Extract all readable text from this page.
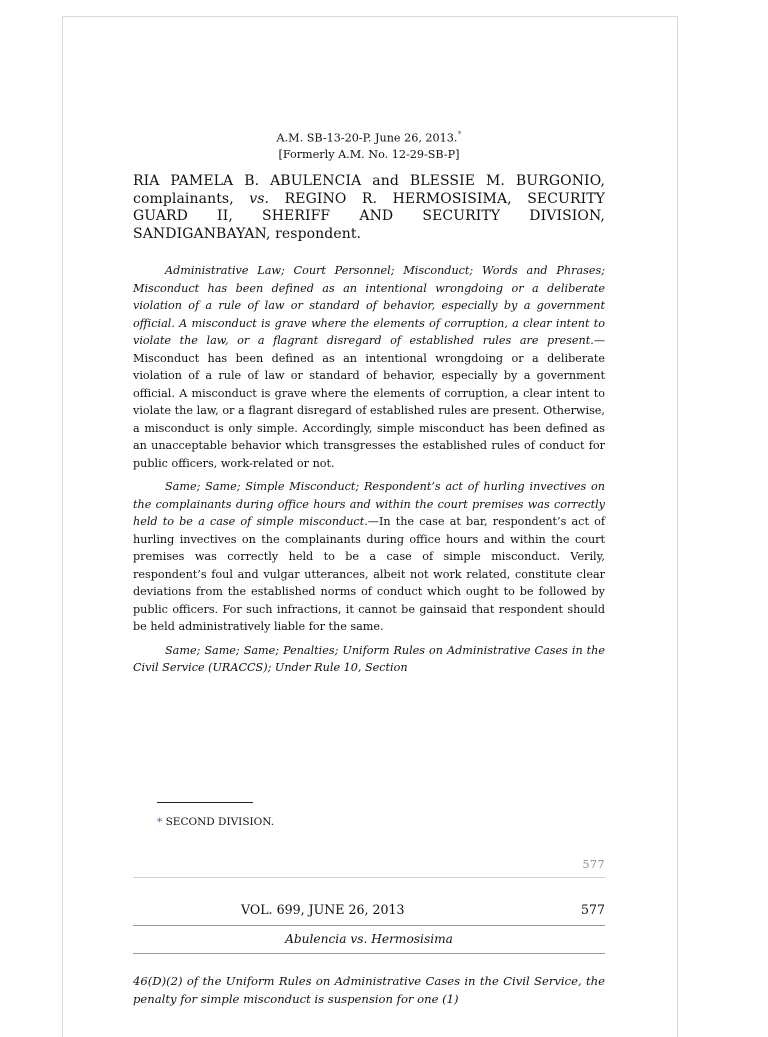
A.M. SB-13-20-P. June 26, 2013.*
[Formerly A.M. No. 12-29-SB-P]
RIA PAMELA B. ABULENCIA and BLESSIE M. BURGONIO, complainants, vs. REGINO R. HERMOSISIMA, SECURITY GUARD II, SHERIFF AND SECURITY DIVISION, SANDIGANBAYAN, respondent.

Administrative Law; Court Personnel; Misconduct; Words and Phrases; Misconduct has been defined as an intentional wrongdoing or a deliberate violation of a rule of law or standard of behavior, especially by a government official. A misconduct is grave where the elements of corruption, a clear intent to violate the law, or a flagrant disregard of established rules are present.—Misconduct has been defined as an intentional wrongdoing or a deliberate violation of a rule of law or standard of behavior, especially by a government official. A misconduct is grave where the elements of corruption, a clear intent to violate the law, or a flagrant disregard of established rules are present. Otherwise, a misconduct is only simple. Accordingly, simple misconduct has been defined as an unacceptable behavior which transgresses the established rules of conduct for public officers, work-related or not.

Same; Same; Simple Misconduct; Respondent’s act of hurling invectives on the complainants during office hours and within the court premises was correctly held to be a case of simple misconduct.—In the case at bar, respondent’s act of hurling invectives on the complainants during office hours and within the court premises was correctly held to be a case of simple misconduct. Verily, respondent’s foul and vulgar utterances, albeit not work related, constitute clear deviations from the established norms of conduct which ought to be followed by public officers. For such infractions, it cannot be gainsaid that respondent should be held administratively liable for the same.

Same; Same; Same; Penalties; Uniform Rules on Administrative Cases in the Civil Service (URACCS); Under Rule 10, Section

* SECOND DIVISION.
577
VOL. 699, JUNE 26, 2013	577
Abulencia vs. Hermosisima
46(D)(2) of the Uniform Rules on Administrative Cases in the Civil Service, the penalty for simple misconduct is suspension for one (1)
